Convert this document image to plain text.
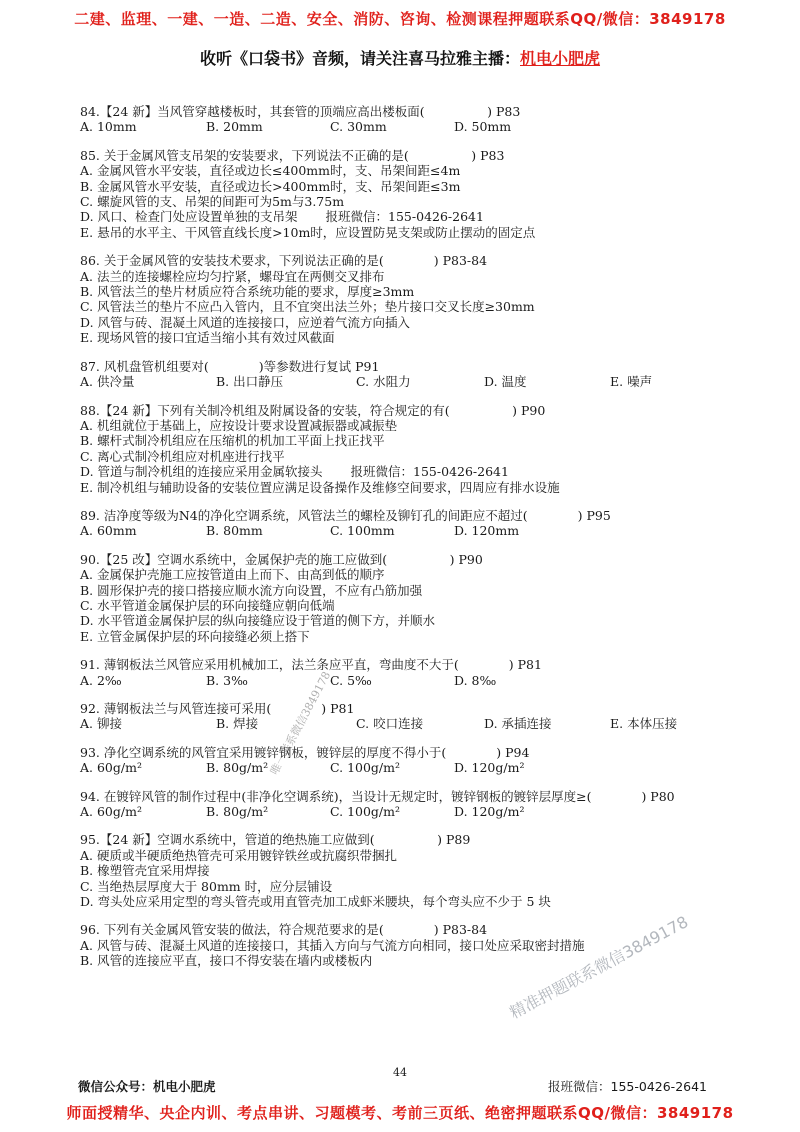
二建、监理、一建、一造、二造、安全、消防、咨询、检测课程押题联系QQ/微信：3849178
收听《口袋书》音频，请关注喜马拉雅主播：机电小肥虎
84.【24 新】当风管穿越楼板时，其套管的顶端应高出楼板面(　　　　　) P83
A. 10mm	B. 20mm	C. 30mm	D. 50mm
85. 关于金属风管支吊架的安装要求，下列说法不正确的是(　　　　　) P83
A. 金属风管水平安装，直径或边长≤400mm时，支、吊架间距≤4m
B. 金属风管水平安装，直径或边长>400mm时，支、吊架间距≤3m
C. 螺旋风管的支、吊架的间距可为5m与3.75m
D. 风口、检查门处应设置单独的支吊架 报班微信：155-0426-2641
E. 悬吊的水平主、干风管直线长度>10m时，应设置防晃支架或防止摆动的固定点
86. 关于金属风管的安装技术要求，下列说法正确的是(　　　　) P83-84
A. 法兰的连接螺栓应均匀拧紧，螺母宜在两侧交叉排布
B. 风管法兰的垫片材质应符合系统功能的要求，厚度≥3mm
C. 风管法兰的垫片不应凸入管内，且不宜突出法兰外；垫片接口交叉长度≥30mm
D. 风管与砖、混凝土风道的连接接口，应逆着气流方向插入
E. 现场风管的接口宜适当缩小其有效过风截面
87. 风机盘管机组要对(　　　　)等参数进行复试 P91
A. 供冷量	B. 出口静压	C. 水阻力	D. 温度	E. 噪声
88.【24 新】下列有关制冷机组及附属设备的安装，符合规定的有(　　　　　) P90
A. 机组就位于基础上，应按设计要求设置减振器或减振垫
B. 螺杆式制冷机组应在压缩机的机加工平面上找正找平
C. 离心式制冷机组应对机座进行找平
D. 管道与制冷机组的连接应采用金属软接头 报班微信：155-0426-2641
E. 制冷机组与辅助设备的安装位置应满足设备操作及维修空间要求，四周应有排水设施
89. 洁净度等级为N4的净化空调系统，风管法兰的螺栓及铆钉孔的间距应不超过(　　　　) P95
A. 60mm	B. 80mm	C. 100mm	D. 120mm
90.【25 改】空调水系统中，金属保护壳的施工应做到(　　　　　) P90
A. 金属保护壳施工应按管道由上而下、由高到低的顺序
B. 圆形保护壳的接口搭接应顺水流方向设置，不应有凸筋加强
C. 水平管道金属保护层的环向接缝应朝向低端
D. 水平管道金属保护层的纵向接缝应设于管道的侧下方，并顺水
E. 立管金属保护层的环向接缝必须上搭下
91. 薄钢板法兰风管应采用机械加工，法兰条应平直，弯曲度不大于(　　　　) P81
A. 2‰	B. 3‰	C. 5‰	D. 8‰
92. 薄钢板法兰与风管连接可采用(　　　　) P81
A. 铆接	B. 焊接	C. 咬口连接	D. 承插连接	E. 本体压接
93. 净化空调系统的风管宜采用镀锌钢板，镀锌层的厚度不得小于(　　　　) P94
A. 60g/m²	B. 80g/m²	C. 100g/m²	D. 120g/m²
94. 在镀锌风管的制作过程中(非净化空调系统)，当设计无规定时，镀锌钢板的镀锌层厚度≥(　　　　) P80
A. 60g/m²	B. 80g/m²	C. 100g/m²	D. 120g/m²
95.【24 新】空调水系统中，管道的绝热施工应做到(　　　　　) P89
A. 硬质或半硬质绝热管壳可采用镀锌铁丝或抗腐织带捆扎
B. 橡塑管壳宜采用焊接
C. 当绝热层厚度大于 80mm 时，应分层铺设
D. 弯头处应采用定型的弯头管壳或用直管壳加工成虾米腰块，每个弯头应不少于 5 块
96. 下列有关金属风管安装的做法，符合规范要求的是(　　　　) P83-84
A. 风管与砖、混凝土风道的连接接口，其插入方向与气流方向相同，接口处应采取密封措施
B. 风管的连接应平直，接口不得安装在墙内或楼板内
唯一联系微信3849178
精准押题联系微信3849178
44
微信公众号：机电小肥虎	报班微信：155-0426-2641
师面授精华、央企内训、考点串讲、习题模考、考前三页纸、绝密押题联系QQ/微信：3849178
